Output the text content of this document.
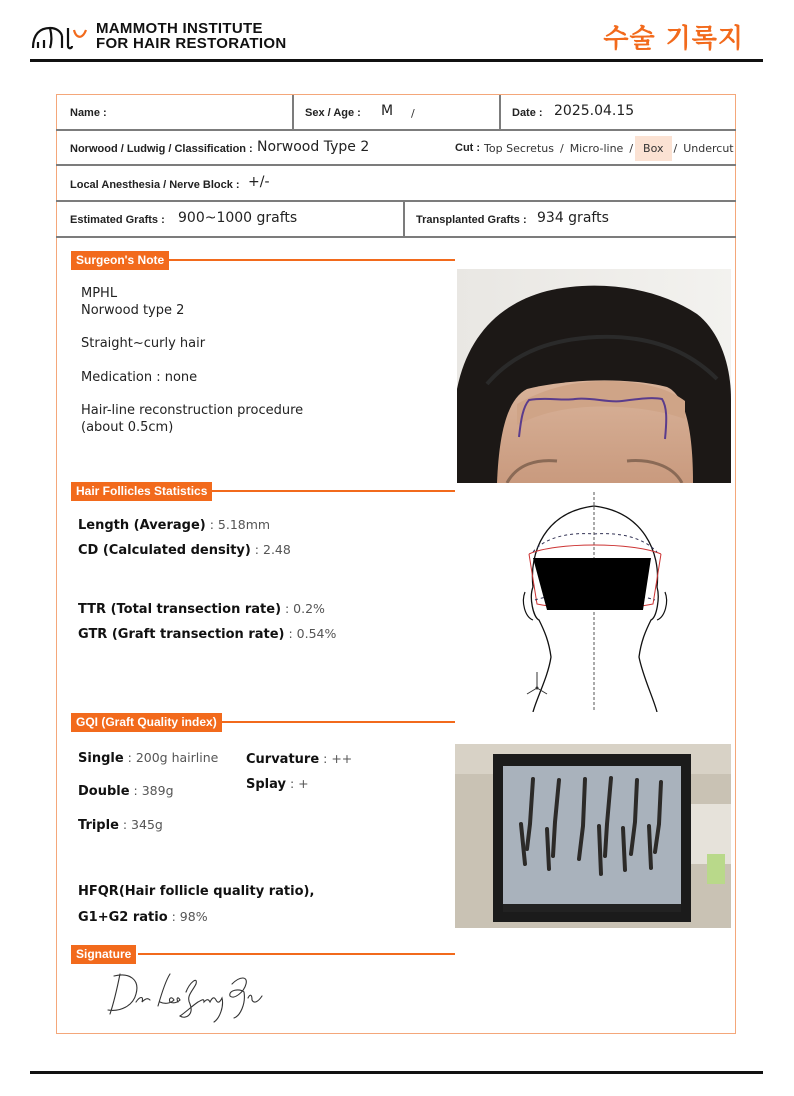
MAMMOTH INSTITUTE
FOR HAIR RESTORATION	수술 기록지
Name :	Sex / Age : M /	Date : 2025.04.15
Norwood / Ludwig / Classification : Norwood Type 2	Cut : Top Secretus / Micro-line / Box / Undercut
Local Anesthesia / Nerve Block : +/-
Estimated Grafts : 900~1000 grafts	Transplanted Grafts : 934 grafts
Surgeon's Note
MPHL
Norwood type 2
Straight~curly hair
Medication : none
Hair-line reconstruction procedure
(about 0.5cm)
Hair Follicles Statistics
Length (Average) : 5.18mm
CD (Calculated density) : 2.48
TTR (Total transection rate) : 0.2%
GTR (Graft transection rate) : 0.54%
GQI (Graft Quality index)
Single : 200g hairline
Double : 389g
Triple : 345g
Curvature : ++
Splay : +
HFQR(Hair follicle quality ratio),
G1+G2 ratio : 98%
Signature
